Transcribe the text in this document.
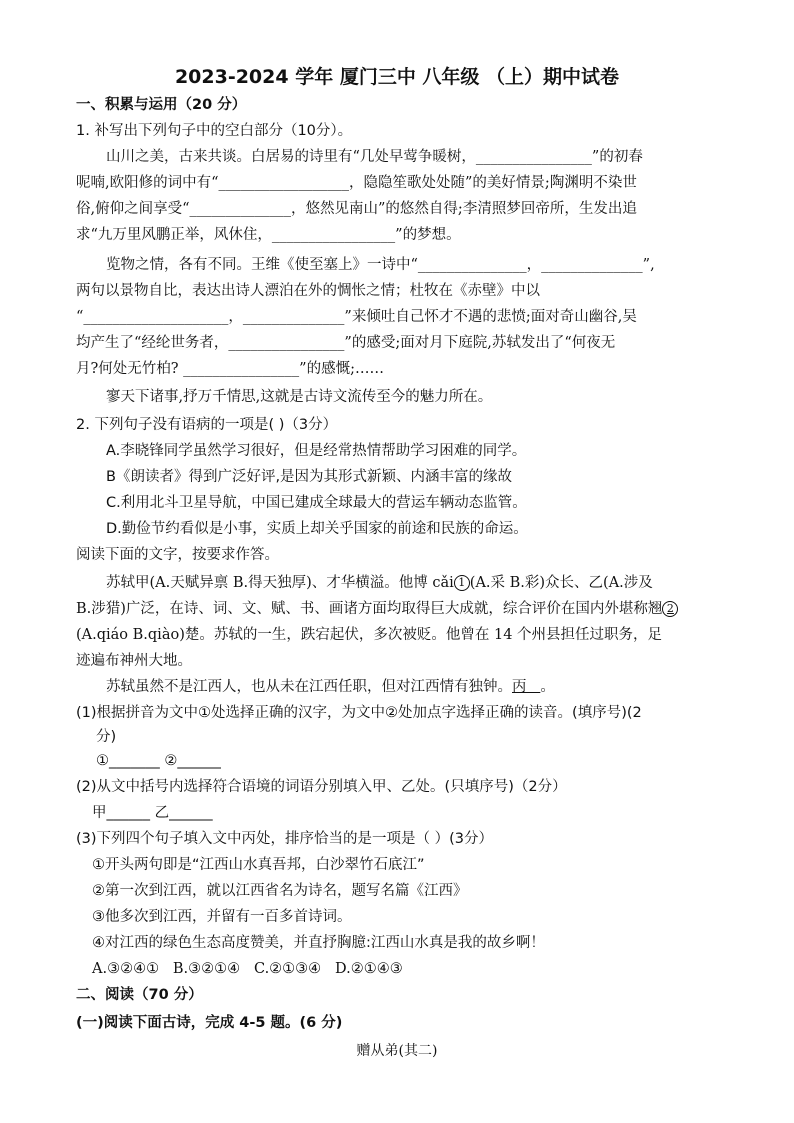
2023-2024 学年 厦门三中 八年级 （上）期中试卷
一、积累与运用（20 分）
1. 补写出下列句子中的空白部分（10分）。
山川之美，古来共谈。白居易的诗里有“几处早莺争暖树，________________”的初春
呢喃,欧阳修的词中有“__________________，隐隐笙歌处处随”的美好情景;陶渊明不染世
俗,俯仰之间享受“______________，悠然见南山”的悠然自得;李清照梦回帝所，生发出追
求“九万里风鹏正举，风休住，_________________”的梦想。
览物之情，各有不同。王维《使至塞上》一诗中“_______________，______________”,
两句以景物自比，表达出诗人漂泊在外的惆怅之情；杜牧在《赤壁》中以
“____________________，______________”来倾吐自己怀才不遇的悲愤;面对奇山幽谷,吴
均产生了“经纶世务者，________________”的感受;面对月下庭院,苏轼发出了“何夜无
月?何处无竹柏? ________________”的感慨;……
寥天下诸事,抒万千情思,这就是古诗文流传至今的魅力所在。
2. 下列句子没有语病的一项是( )（3分）
A.李晓锋同学虽然学习很好，但是经常热情帮助学习困难的同学。
B《朗读者》得到广泛好评,是因为其形式新颖、内涵丰富的缘故
C.利用北斗卫星导航，中国已建成全球最大的营运车辆动态监管。
D.勤俭节约看似是小事，实质上却关乎国家的前途和民族的命运。
阅读下面的文字，按要求作答。
苏轼甲(A.天赋异禀 B.得天独厚)、才华横溢。他博 cǎi 1 (A.采 B.彩)众长、乙(A.涉及
B.涉猎)广泛，在诗、词、文、赋、书、画诸方面均取得巨大成就，综合评价在国内外堪称翘 2
(A.qiáo B.qiào)楚。苏轼的一生，跌宕起伏，多次被贬。他曾在 14 个州县担任过职务，足
迹遍布神州大地。
苏轼虽然不是江西人，也从未在江西任职，但对江西情有独钟。丙 。
(1)根据拼音为文中①处选择正确的汉字，为文中②处加点字选择正确的读音。(填序号)(2
分)
①_______ ②______
(2)从文中括号内选择符合语境的词语分别填入甲、乙处。(只填序号)（2分）
甲______ 乙______
(3)下列四个句子填入文中丙处，排序恰当的是一项是（ ）(3分）
①开头两句即是“江西山水真吾邦，白沙翠竹石底江”
②第一次到江西，就以江西省名为诗名，题写名篇《江西》
③他多次到江西，并留有一百多首诗词。
④对江西的绿色生态高度赞美，并直抒胸臆:江西山水真是我的故乡啊！
A.③②④① B.③②①④ C.②①③④ D.②①④③
二、阅读（70 分）
(一)阅读下面古诗，完成 4-5 题。(6 分)
赠从弟(其二)
